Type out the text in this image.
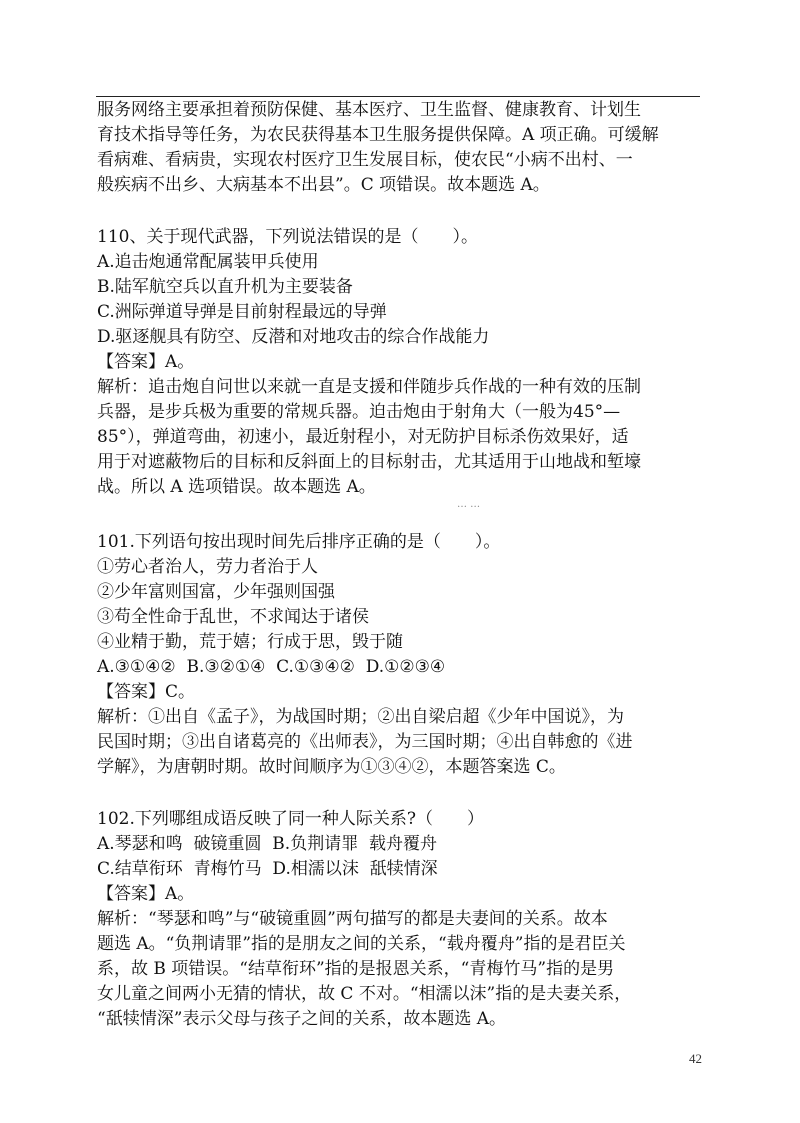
服务网络主要承担着预防保健、基本医疗、卫生监督、健康教育、计划生

育技术指导等任务，为农民获得基本卫生服务提供保障。A 项正确。可缓解

看病难、看病贵，实现农村医疗卫生发展目标，使农民“小病不出村、一

般疾病不出乡、大病基本不出县”。C 项错误。故本题选 A。

110、关于现代武器，下列说法错误的是（　　）。

A.追击炮通常配属装甲兵使用

B.陆军航空兵以直升机为主要装备

C.洲际弹道导弹是目前射程最远的导弹

D.驱逐舰具有防空、反潜和对地攻击的综合作战能力

【答案】A。

解析：追击炮自问世以来就一直是支援和伴随步兵作战的一种有效的压制

兵器，是步兵极为重要的常规兵器。迫击炮由于射角大（一般为45°—

85°），弹道弯曲，初速小，最近射程小，对无防护目标杀伤效果好，适

用于对遮蔽物后的目标和反斜面上的目标射击，尤其适用于山地战和堑壕

战。所以 A 选项错误。故本题选 A。

… …

101.下列语句按出现时间先后排序正确的是（　　）。

①劳心者治人，劳力者治于人

②少年富则国富，少年强则国强

③苟全性命于乱世，不求闻达于诸侯

④业精于勤，荒于嬉；行成于思，毁于随

A.③①④②  B.③②①④  C.①③④②  D.①②③④

【答案】C。

解析：①出自《孟子》，为战国时期；②出自梁启超《少年中国说》，为

民国时期；③出自诸葛亮的《出师表》，为三国时期；④出自韩愈的《进

学解》，为唐朝时期。故时间顺序为①③④②，本题答案选 C。

102.下列哪组成语反映了同一种人际关系?（　　）

A.琴瑟和鸣  破镜重圆  B.负荆请罪  载舟覆舟

C.结草衔环  青梅竹马  D.相濡以沫  舐犊情深

【答案】A。

解析：“琴瑟和鸣”与“破镜重圆”两句描写的都是夫妻间的关系。故本

题选 A。“负荆请罪”指的是朋友之间的关系，“载舟覆舟”指的是君臣关

系，故 B 项错误。“结草衔环”指的是报恩关系，“青梅竹马”指的是男

女儿童之间两小无猜的情状，故 C 不对。“相濡以沫”指的是夫妻关系，

“舐犊情深”表示父母与孩子之间的关系，故本题选 A。

42
